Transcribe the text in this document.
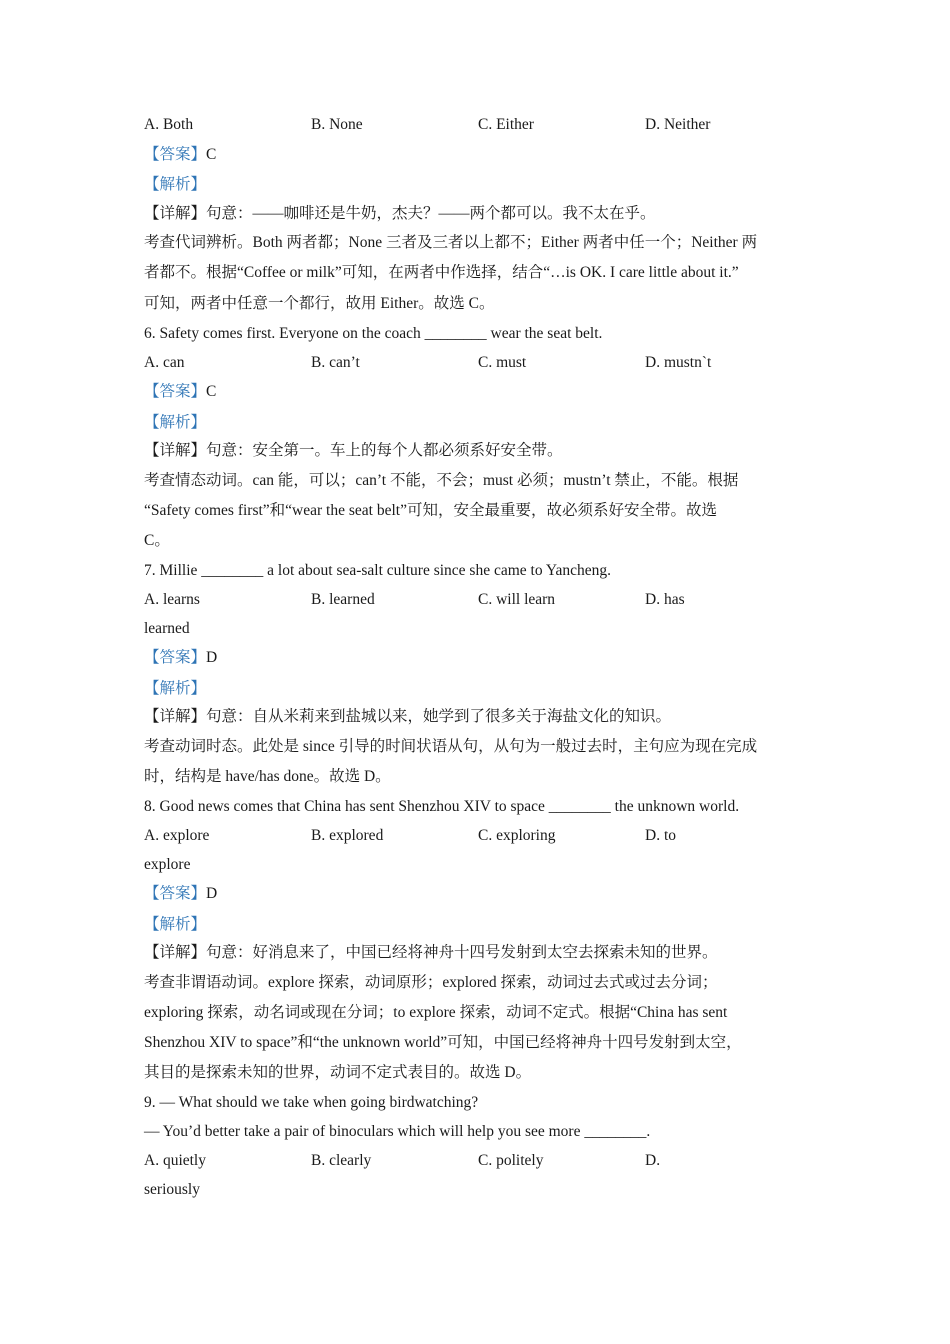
A. Both	B. None	C. Either	D. Neither
【答案】C
【解析】
【详解】句意：——咖啡还是牛奶，杰夫？——两个都可以。我不太在乎。
考查代词辨析。Both 两者都；None 三者及三者以上都不；Either 两者中任一个；Neither 两
者都不。根据“Coffee or milk”可知，在两者中作选择，结合“…is OK. I care little about it.”
可知，两者中任意一个都行，故用 Either。故选 C。
6. Safety comes first. Everyone on the coach ________ wear the seat belt.
A. can	B. can’t	C. must	D. mustn`t
【答案】C
【解析】
【详解】句意：安全第一。车上的每个人都必须系好安全带。
考查情态动词。can 能，可以；can’t 不能，不会；must 必须；mustn’t 禁止，不能。根据
“Safety comes first”和“wear the seat belt”可知，安全最重要，故必须系好安全带。故选
C。
7. Millie ________ a lot about sea-salt culture since she came to Yancheng.
A. learns	B. learned	C. will learn	D. has
learned
【答案】D
【解析】
【详解】句意：自从米莉来到盐城以来，她学到了很多关于海盐文化的知识。
考查动词时态。此处是 since 引导的时间状语从句，从句为一般过去时，主句应为现在完成
时，结构是 have/has done。故选 D。
8. Good news comes that China has sent Shenzhou XIV to space ________ the unknown world.
A. explore	B. explored	C. exploring	D. to
explore
【答案】D
【解析】
【详解】句意：好消息来了，中国已经将神舟十四号发射到太空去探索未知的世界。
考查非谓语动词。explore 探索，动词原形；explored 探索，动词过去式或过去分词；
exploring 探索，动名词或现在分词；to explore 探索，动词不定式。根据“China has sent
Shenzhou XIV to space”和“the unknown world”可知，中国已经将神舟十四号发射到太空，
其目的是探索未知的世界，动词不定式表目的。故选 D。
9. — What should we take when going birdwatching?
— You’d better take a pair of binoculars which will help you see more ________.
A. quietly	B. clearly	C. politely	D.
seriously
